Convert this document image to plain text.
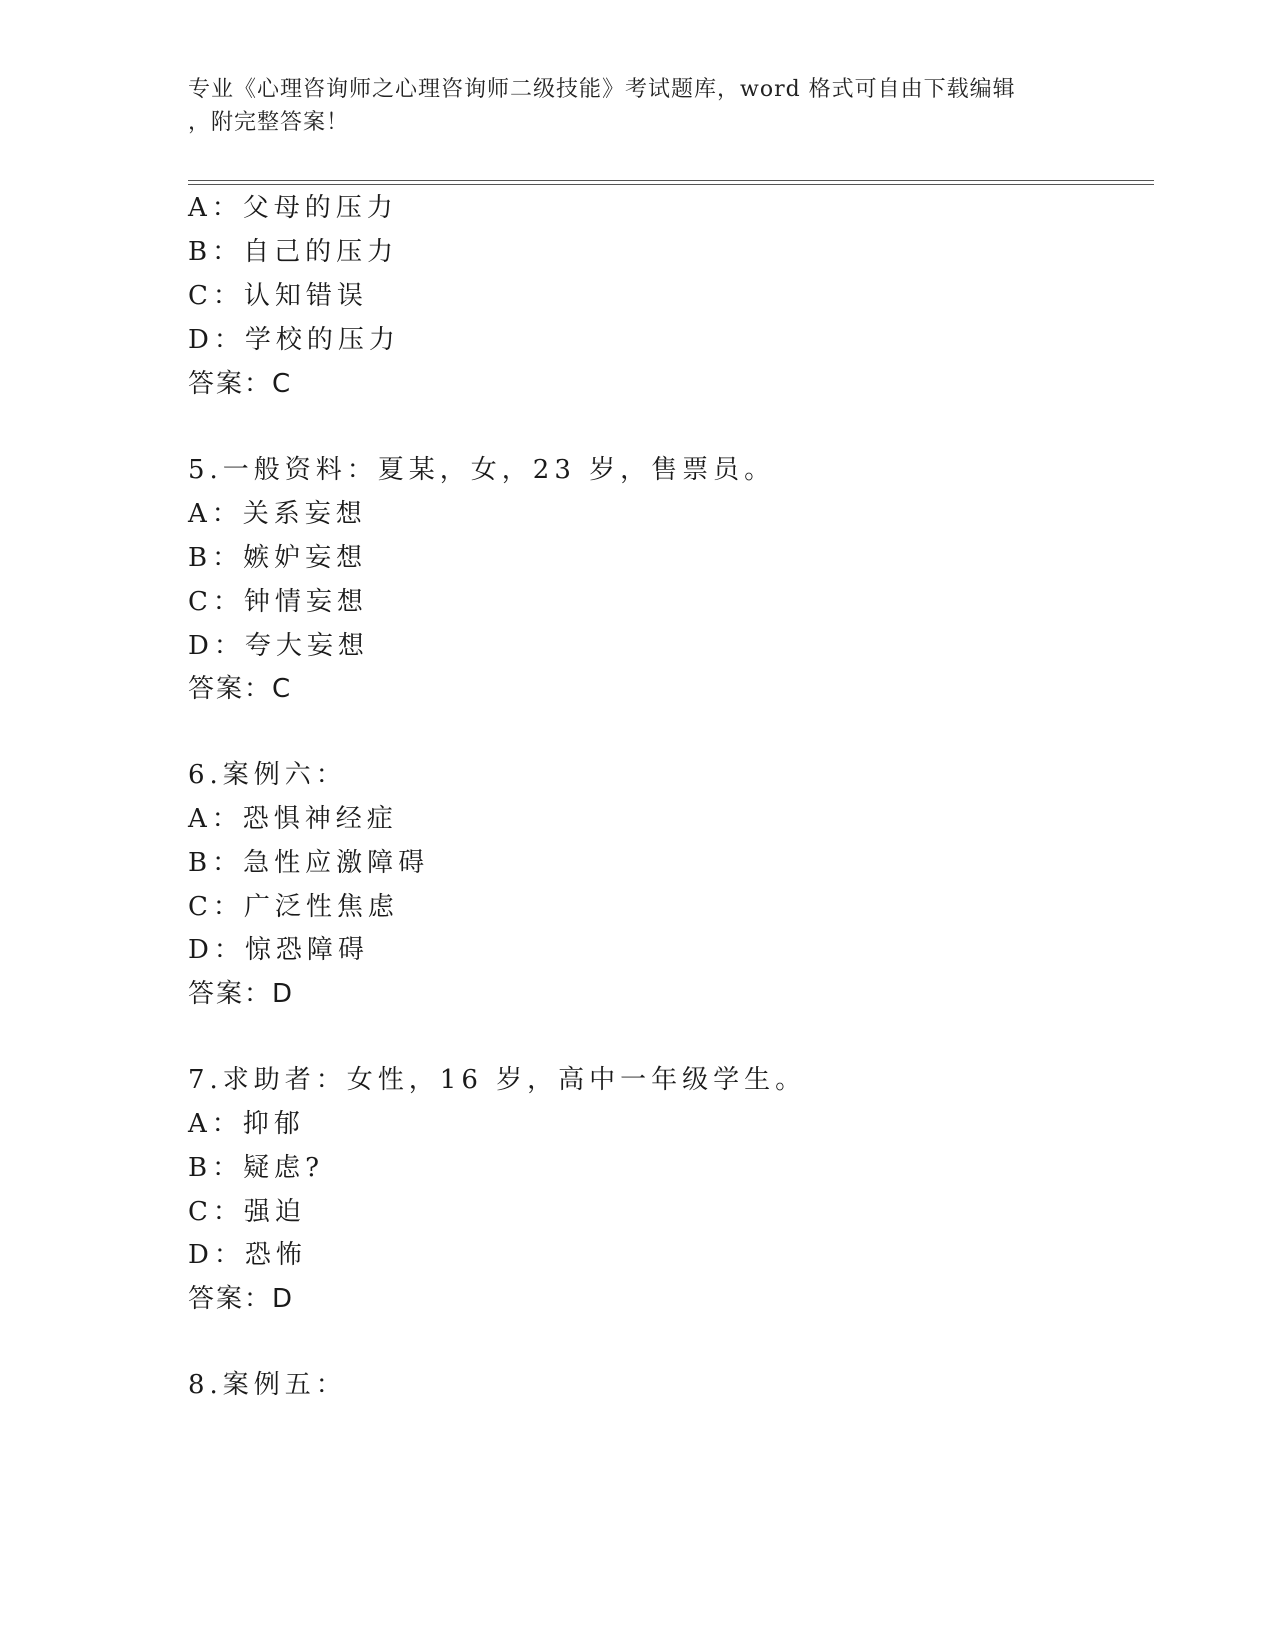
专业《心理咨询师之心理咨询师二级技能》考试题库，word 格式可自由下载编辑
，附完整答案！
A：父母的压力
B：自己的压力
C：认知错误
D：学校的压力
答案：C
5.一般资料：夏某，女，23 岁，售票员。
A：关系妄想
B：嫉妒妄想
C：钟情妄想
D：夸大妄想
答案：C
6.案例六：
A：恐惧神经症
B：急性应激障碍
C：广泛性焦虑
D：惊恐障碍
答案：D
7.求助者：女性，16 岁，高中一年级学生。
A：抑郁
B：疑虑?
C：强迫
D：恐怖
答案：D
8.案例五：
